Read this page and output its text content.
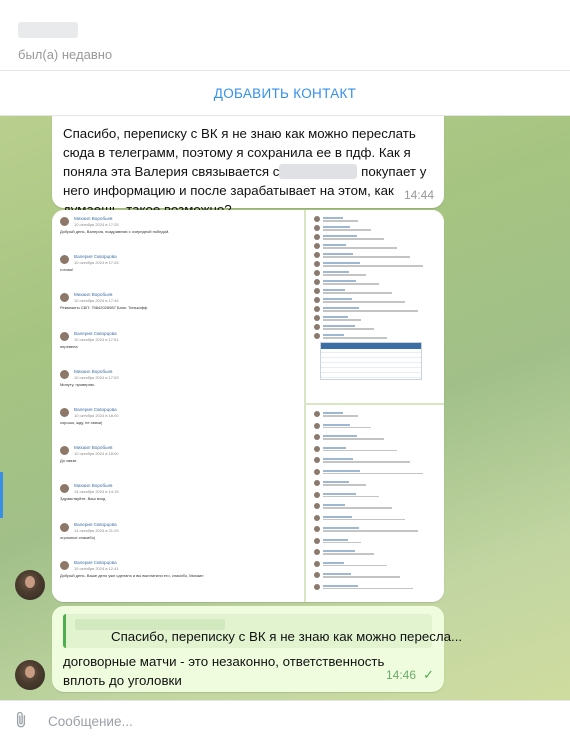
был(а) недавно
ДОБАВИТЬ КОНТАКТ
Спасибо, переписку с ВК я не знаю как можно переслать сюда в телеграмм, поэтому я сохранила ее в пдф. Как я поняла эта Валерия связывается с	покупает у него информацию и после зарабатывает на этом, как 14:44
Михаил Воробьев
10 октября 2024 в 17:25
Добрый день, Валерия, поздравляю с очередной победой.
Валерия Скворцова
10 октября 2024 в 17:26
готова!
Михаил Воробьев
10 октября 2024 в 17:44
Реквизиты СБП: 79842028987 Банк: Тинькофф
Валерия Скворцова
10 октября 2024 в 17:51
перевела
Михаил Воробьев
10 октября 2024 в 17:53
Минуту, проверяю.
Валерия Скворцова
10 октября 2024 в 18:00
хорошо, жду, не связи)
Михаил Воробьев
10 октября 2024 в 18:00
До связи
Михаил Воробьев
14 октября 2024 в 14:15
Здравствуйте, Ваш вход
Валерия Скворцова
14 октября 2024 в 21:29
огромное спасибо)
Валерия Скворцова
15 октября 2024 в 12:41
Добрый день. Ваше дело уже сделано и вы выплатили его, спасибо, Михаил
Спасибо, переписку с ВК я не знаю как можно пересла...
договорные матчи - это незаконно, ответственность вплоть до уголовки	14:46 ✓
Сообщение...
